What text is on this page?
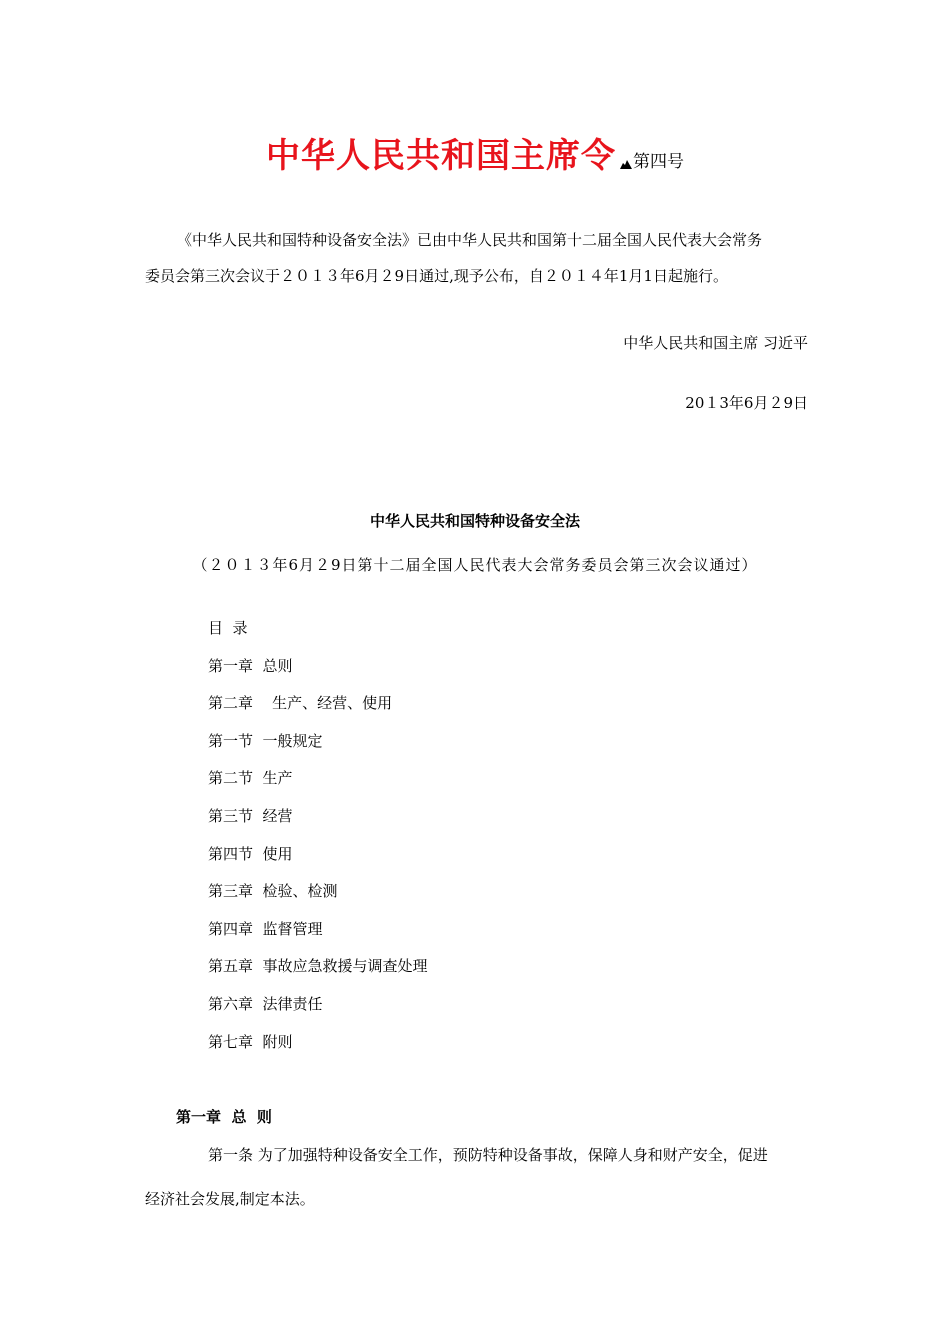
中华人民共和国主席令 第四号
《中华人民共和国特种设备安全法》已由中华人民共和国第十二届全国人民代表大会常务
委员会第三次会议于２０１３年6月２9日通过,现予公布，自２０１４年1月1日起施行。
中华人民共和国主席 习近平
20１3年6月２9日
中华人民共和国特种设备安全法
（２０１３年6月２9日第十二届全国人民代表大会常务委员会第三次会议通过）
目  录
第一章  总则
第二章    生产、经营、使用
第一节  一般规定
第二节  生产
第三节  经营
第四节  使用
第三章  检验、检测
第四章  监督管理
第五章  事故应急救援与调查处理
第六章  法律责任
第七章  附则
第一章  总  则
第一条 为了加强特种设备安全工作，预防特种设备事故，保障人身和财产安全，促进
经济社会发展,制定本法。
